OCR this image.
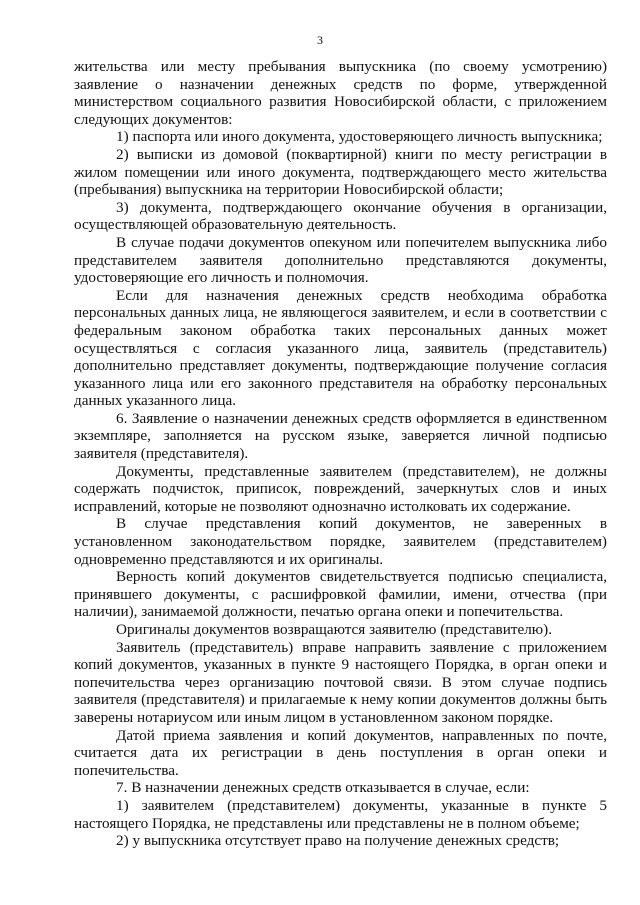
3

жительства или месту пребывания выпускника (по своему усмотрению) заявление о назначении денежных средств по форме, утвержденной министерством социального развития Новосибирской области, с приложением следующих документов:

1) паспорта или иного документа, удостоверяющего личность выпускника;

2) выписки из домовой (поквартирной) книги по месту регистрации в жилом помещении или иного документа, подтверждающего место жительства (пребывания) выпускника на территории Новосибирской области;

3) документа, подтверждающего окончание обучения в организации, осуществляющей образовательную деятельность.

В случае подачи документов опекуном или попечителем выпускника либо представителем заявителя дополнительно представляются документы, удостоверяющие его личность и полномочия.

Если для назначения денежных средств необходима обработка персональных данных лица, не являющегося заявителем, и если в соответствии с федеральным законом обработка таких персональных данных может осуществляться с согласия указанного лица, заявитель (представитель) дополнительно представляет документы, подтверждающие получение согласия указанного лица или его законного представителя на обработку персональных данных указанного лица.

6. Заявление о назначении денежных средств оформляется в единственном экземпляре, заполняется на русском языке, заверяется личной подписью заявителя (представителя).

Документы, представленные заявителем (представителем), не должны содержать подчисток, приписок, повреждений, зачеркнутых слов и иных исправлений, которые не позволяют однозначно истолковать их содержание.

В случае представления копий документов, не заверенных в установленном законодательством порядке, заявителем (представителем) одновременно представляются и их оригиналы.

Верность копий документов свидетельствуется подписью специалиста, принявшего документы, с расшифровкой фамилии, имени, отчества (при наличии), занимаемой должности, печатью органа опеки и попечительства.

Оригиналы документов возвращаются заявителю (представителю).

Заявитель (представитель) вправе направить заявление с приложением копий документов, указанных в пункте 9 настоящего Порядка, в орган опеки и попечительства через организацию почтовой связи. В этом случае подпись заявителя (представителя) и прилагаемые к нему копии документов должны быть заверены нотариусом или иным лицом в установленном законом порядке.

Датой приема заявления и копий документов, направленных по почте, считается дата их регистрации в день поступления в орган опеки и попечительства.

7. В назначении денежных средств отказывается в случае, если:

1) заявителем (представителем) документы, указанные в пункте 5 настоящего Порядка, не представлены или представлены не в полном объеме;

2) у выпускника отсутствует право на получение денежных средств;
